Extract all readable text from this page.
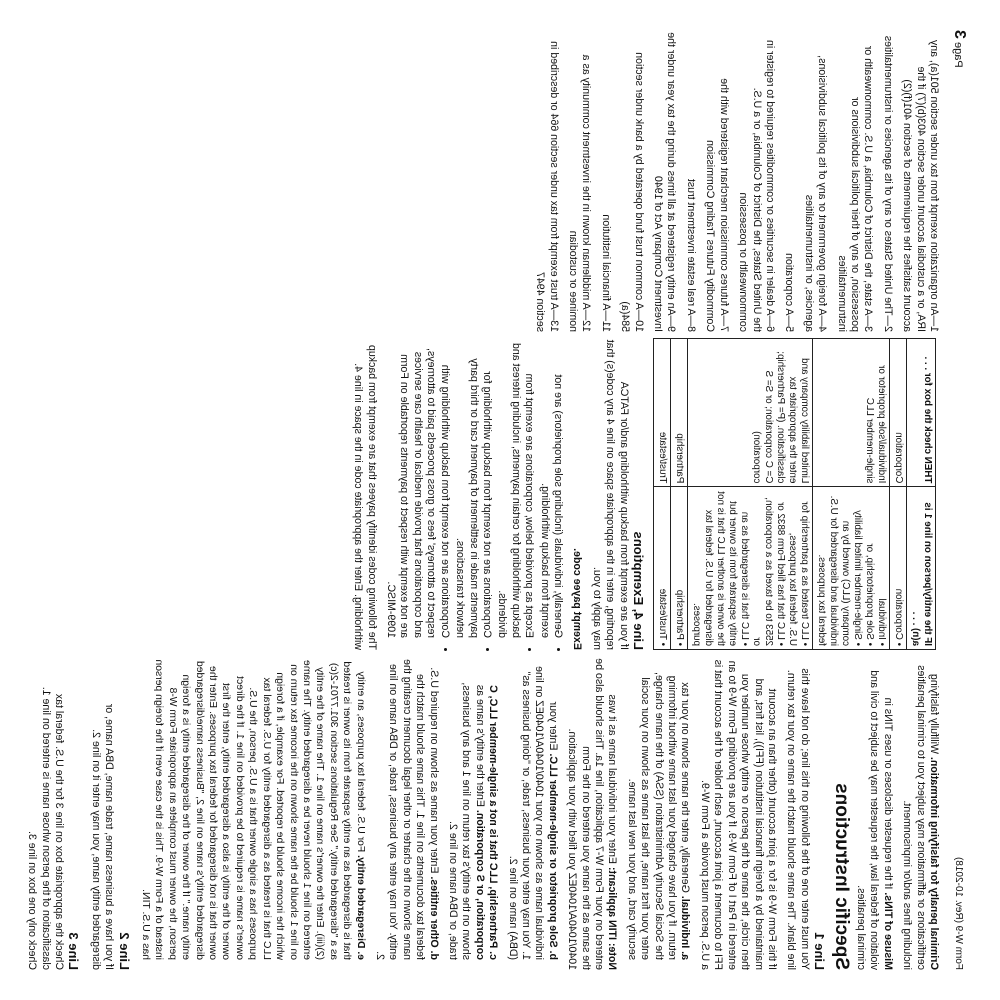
Form W-9 (Rev. 10-2018)
Page 3

Criminal penalty for falsifying information. Willfully falsifying certifications or affirmations may subject you to criminal penalties including fines and/or imprisonment.

Misuse of TINs. If the requester discloses or uses TINs in violation of federal law, the requester may be subject to civil and criminal penalties.

Specific Instructions
Line 1

You must enter one of the following on this line; do not leave this line blank. The name should match the name on your tax return.

If this Form W-9 is for a joint account (other than an account maintained by a foreign financial institution (FFI)), list first, and then circle, the name of the person or entity whose number you entered in Part I of Form W-9. If you are providing Form W-9 to an FFI to document a joint account, each holder of the account that is a U.S. person must provide a Form W-9.

a. Individual. Generally, enter the name shown on your tax return. If you have changed your last name without informing the Social Security Administration (SSA) of the name change, enter your first name, the last name as shown on your social security card, and your new last name.

Note: ITIN applicant: Enter your individual name as it was entered on your Form W-7 application, line 1a. This should also be the same as the name you entered on the Form 1040/1040A/1040EZ you filed with your application.

b. Sole proprietor or single-member LLC. Enter your individual name as shown on your 1040/1040A/1040EZ on line 1. You may enter your business, trade, or "doing business as" (DBA) name on line 2.

c. Partnership, LLC that is not a single-member LLC, C corporation, or S corporation. Enter the entity's name as shown on the entity's tax return on line 1 and any business, trade, or DBA name on line 2.

d. Other entities. Enter your name as shown on required U.S. federal tax documents on line 1. This name should match the name shown on the charter or other legal document creating the entity. You may enter any business, trade, or DBA name on line 2.

e. Disregarded entity. For U.S. federal tax purposes, an entity that is disregarded as an entity separate from its owner is treated as a "disregarded entity." See Regulations section 301.7701-2(c)(2)(iii). Enter the owner's name on line 1. The name of the entity entered on line 1 should never be a disregarded entity. The name on line 1 should be the name shown on the income tax return on which the income should be reported. For example, if a foreign LLC that is treated as a disregarded entity for U.S. federal tax purposes has a single owner that is a U.S. person, the U.S. owner's name is required to be provided on line 1. If the direct owner of the entity is also a disregarded entity, enter the first owner that is not disregarded for federal tax purposes. Enter the disregarded entity's name on line 2, "Business name/disregarded entity name." If the owner of the disregarded entity is a foreign person, the owner must complete an appropriate Form W-8 instead of a Form W-9. This is the case even if the foreign person has a U.S. TIN.

Line 2

If you have a business name, trade name, DBA name, or disregarded entity name, you may enter it on line 2.

Line 3

Check the appropriate box on line 3 for the U.S. federal tax classification of the person whose name is entered on line 1. Check only one box on line 3.

IF the entity/person on line 1 is a(n) . . .	THEN check the box for . . .

• Corporation	Corporation

• Individual
• Sole proprietorship, or
• Single-member limited liability company (LLC) owned by an individual and disregarded for U.S. federal tax purposes.	Individual/sole proprietor or single-member LLC

• LLC treated as a partnership for U.S. federal tax purposes,
• LLC that has filed Form 8832 or 2553 to be taxed as a corporation, or
• LLC that is disregarded as an entity separate from its owner but the owner is another LLC that is not disregarded for U.S. federal tax purposes.	Limited liability company and enter the appropriate tax classification. (P= Partnership; C= C corporation; or S= S corporation)

• Partnership	Partnership

• Trust/estate	Trust/estate
Line 4, Exemptions

If you are exempt from backup withholding and/or FATCA reporting, enter in the appropriate space on line 4 any code(s) that may apply to you.

Exempt payee code.

• Generally, individuals (including sole proprietors) are not exempt from backup withholding.
• Except as provided below, corporations are exempt from backup withholding for certain payments, including interest and dividends.
• Corporations are not exempt from backup withholding for payments made in settlement of payment card or third party network transactions.
• Corporations are not exempt from backup withholding with respect to attorneys' fees or gross proceeds paid to attorneys, and corporations that provide medical or health care services are not exempt with respect to payments reportable on Form 1099-MISC.

The following codes identify payees that are exempt from backup withholding. Enter the appropriate code in the space in line 4.

1—An organization exempt from tax under section 501(a), any IRA, or a custodial account under section 403(b)(7) if the account satisfies the requirements of section 401(f)(2)

2—The United States or any of its agencies or instrumentalities

3—A state, the District of Columbia, a U.S. commonwealth or possession, or any of their political subdivisions or instrumentalities

4—A foreign government or any of its political subdivisions, agencies, or instrumentalities

5—A corporation

6—A dealer in securities or commodities required to register in the United States, the District of Columbia, or a U.S. commonwealth or possession

7—A futures commission merchant registered with the Commodity Futures Trading Commission

8—A real estate investment trust

9—An entity registered at all times during the tax year under the Investment Company Act of 1940

10—A common trust fund operated by a bank under section 584(a)

11—A financial institution

12—A middleman known in the investment community as a nominee or custodian

13—A trust exempt from tax under section 664 or described in section 4947
